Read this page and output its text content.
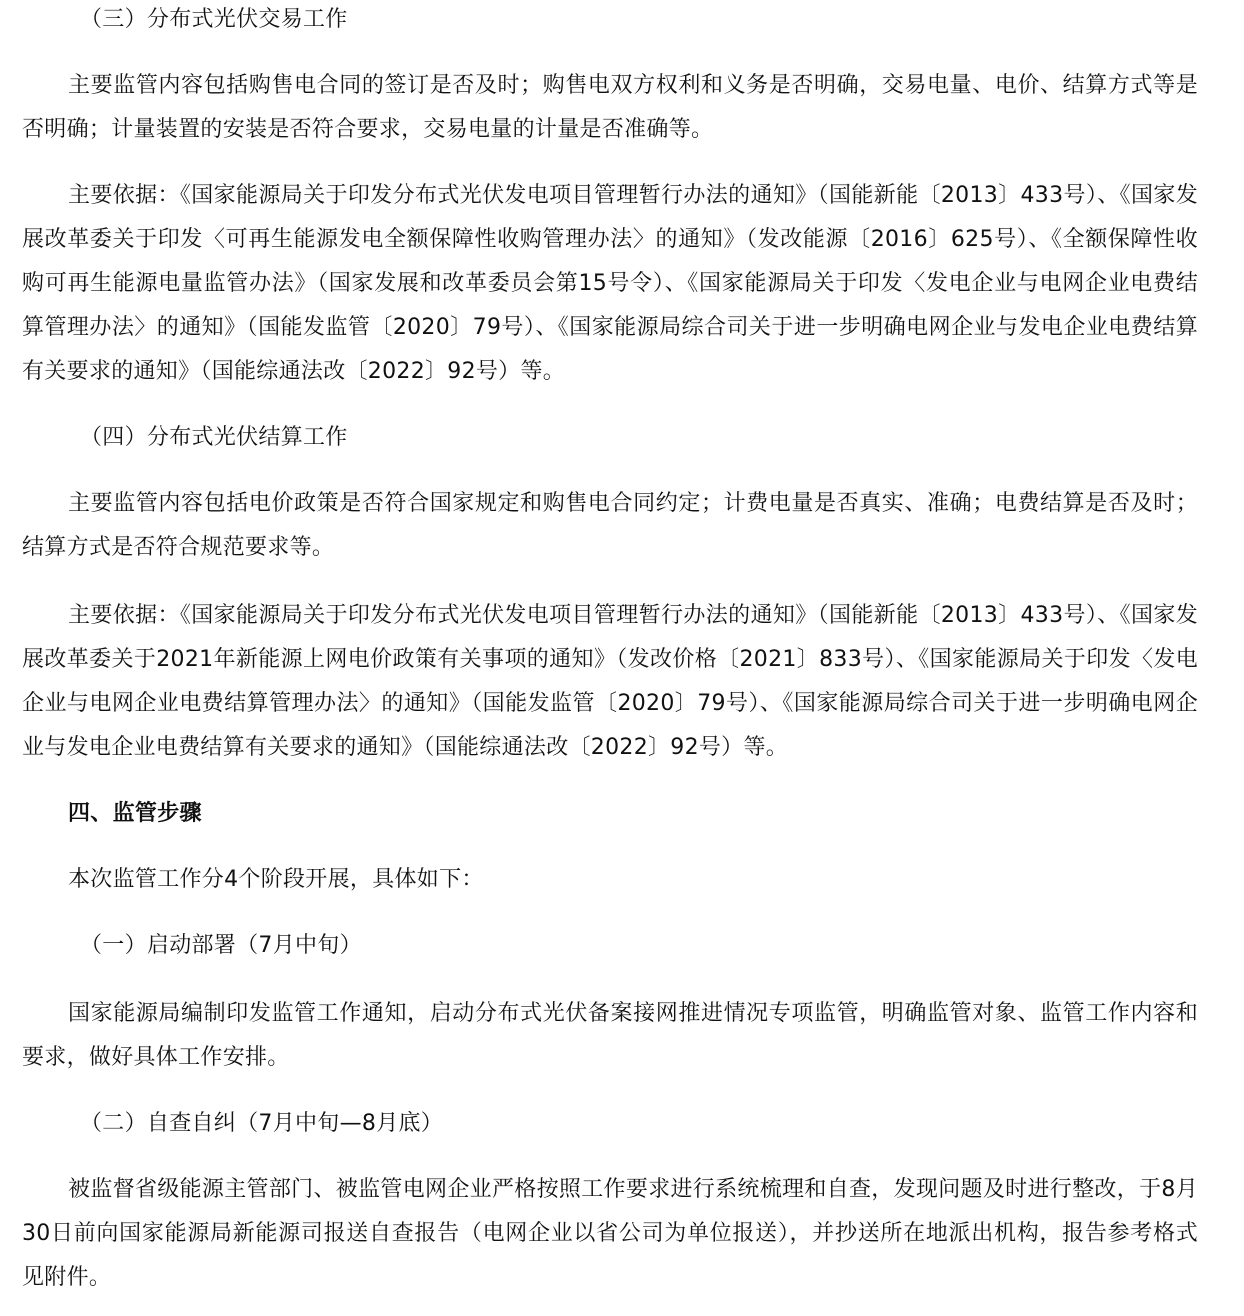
（三）分布式光伏交易工作

主要监管内容包括购售电合同的签订是否及时；购售电双方权利和义务是否明确，交易电量、电价、结算方式等是否明确；计量装置的安装是否符合要求，交易电量的计量是否准确等。

主要依据：《国家能源局关于印发分布式光伏发电项目管理暂行办法的通知》（国能新能〔2013〕433号）、《国家发展改革委关于印发〈可再生能源发电全额保障性收购管理办法〉的通知》（发改能源〔2016〕625号）、《全额保障性收购可再生能源电量监管办法》（国家发展和改革委员会第15号令）、《国家能源局关于印发〈发电企业与电网企业电费结算管理办法〉的通知》（国能发监管〔2020〕79号）、《国家能源局综合司关于进一步明确电网企业与发电企业电费结算有关要求的通知》（国能综通法改〔2022〕92号）等。

（四）分布式光伏结算工作

主要监管内容包括电价政策是否符合国家规定和购售电合同约定；计费电量是否真实、准确；电费结算是否及时；结算方式是否符合规范要求等。

主要依据：《国家能源局关于印发分布式光伏发电项目管理暂行办法的通知》（国能新能〔2013〕433号）、《国家发展改革委关于2021年新能源上网电价政策有关事项的通知》（发改价格〔2021〕833号）、《国家能源局关于印发〈发电企业与电网企业电费结算管理办法〉的通知》（国能发监管〔2020〕79号）、《国家能源局综合司关于进一步明确电网企业与发电企业电费结算有关要求的通知》（国能综通法改〔2022〕92号）等。

四、监管步骤

本次监管工作分4个阶段开展，具体如下：

（一）启动部署（7月中旬）

国家能源局编制印发监管工作通知，启动分布式光伏备案接网推进情况专项监管，明确监管对象、监管工作内容和要求，做好具体工作安排。

（二）自查自纠（7月中旬—8月底）

被监督省级能源主管部门、被监管电网企业严格按照工作要求进行系统梳理和自查，发现问题及时进行整改，于8月30日前向国家能源局新能源司报送自查报告（电网企业以省公司为单位报送），并抄送所在地派出机构，报告参考格式见附件。
